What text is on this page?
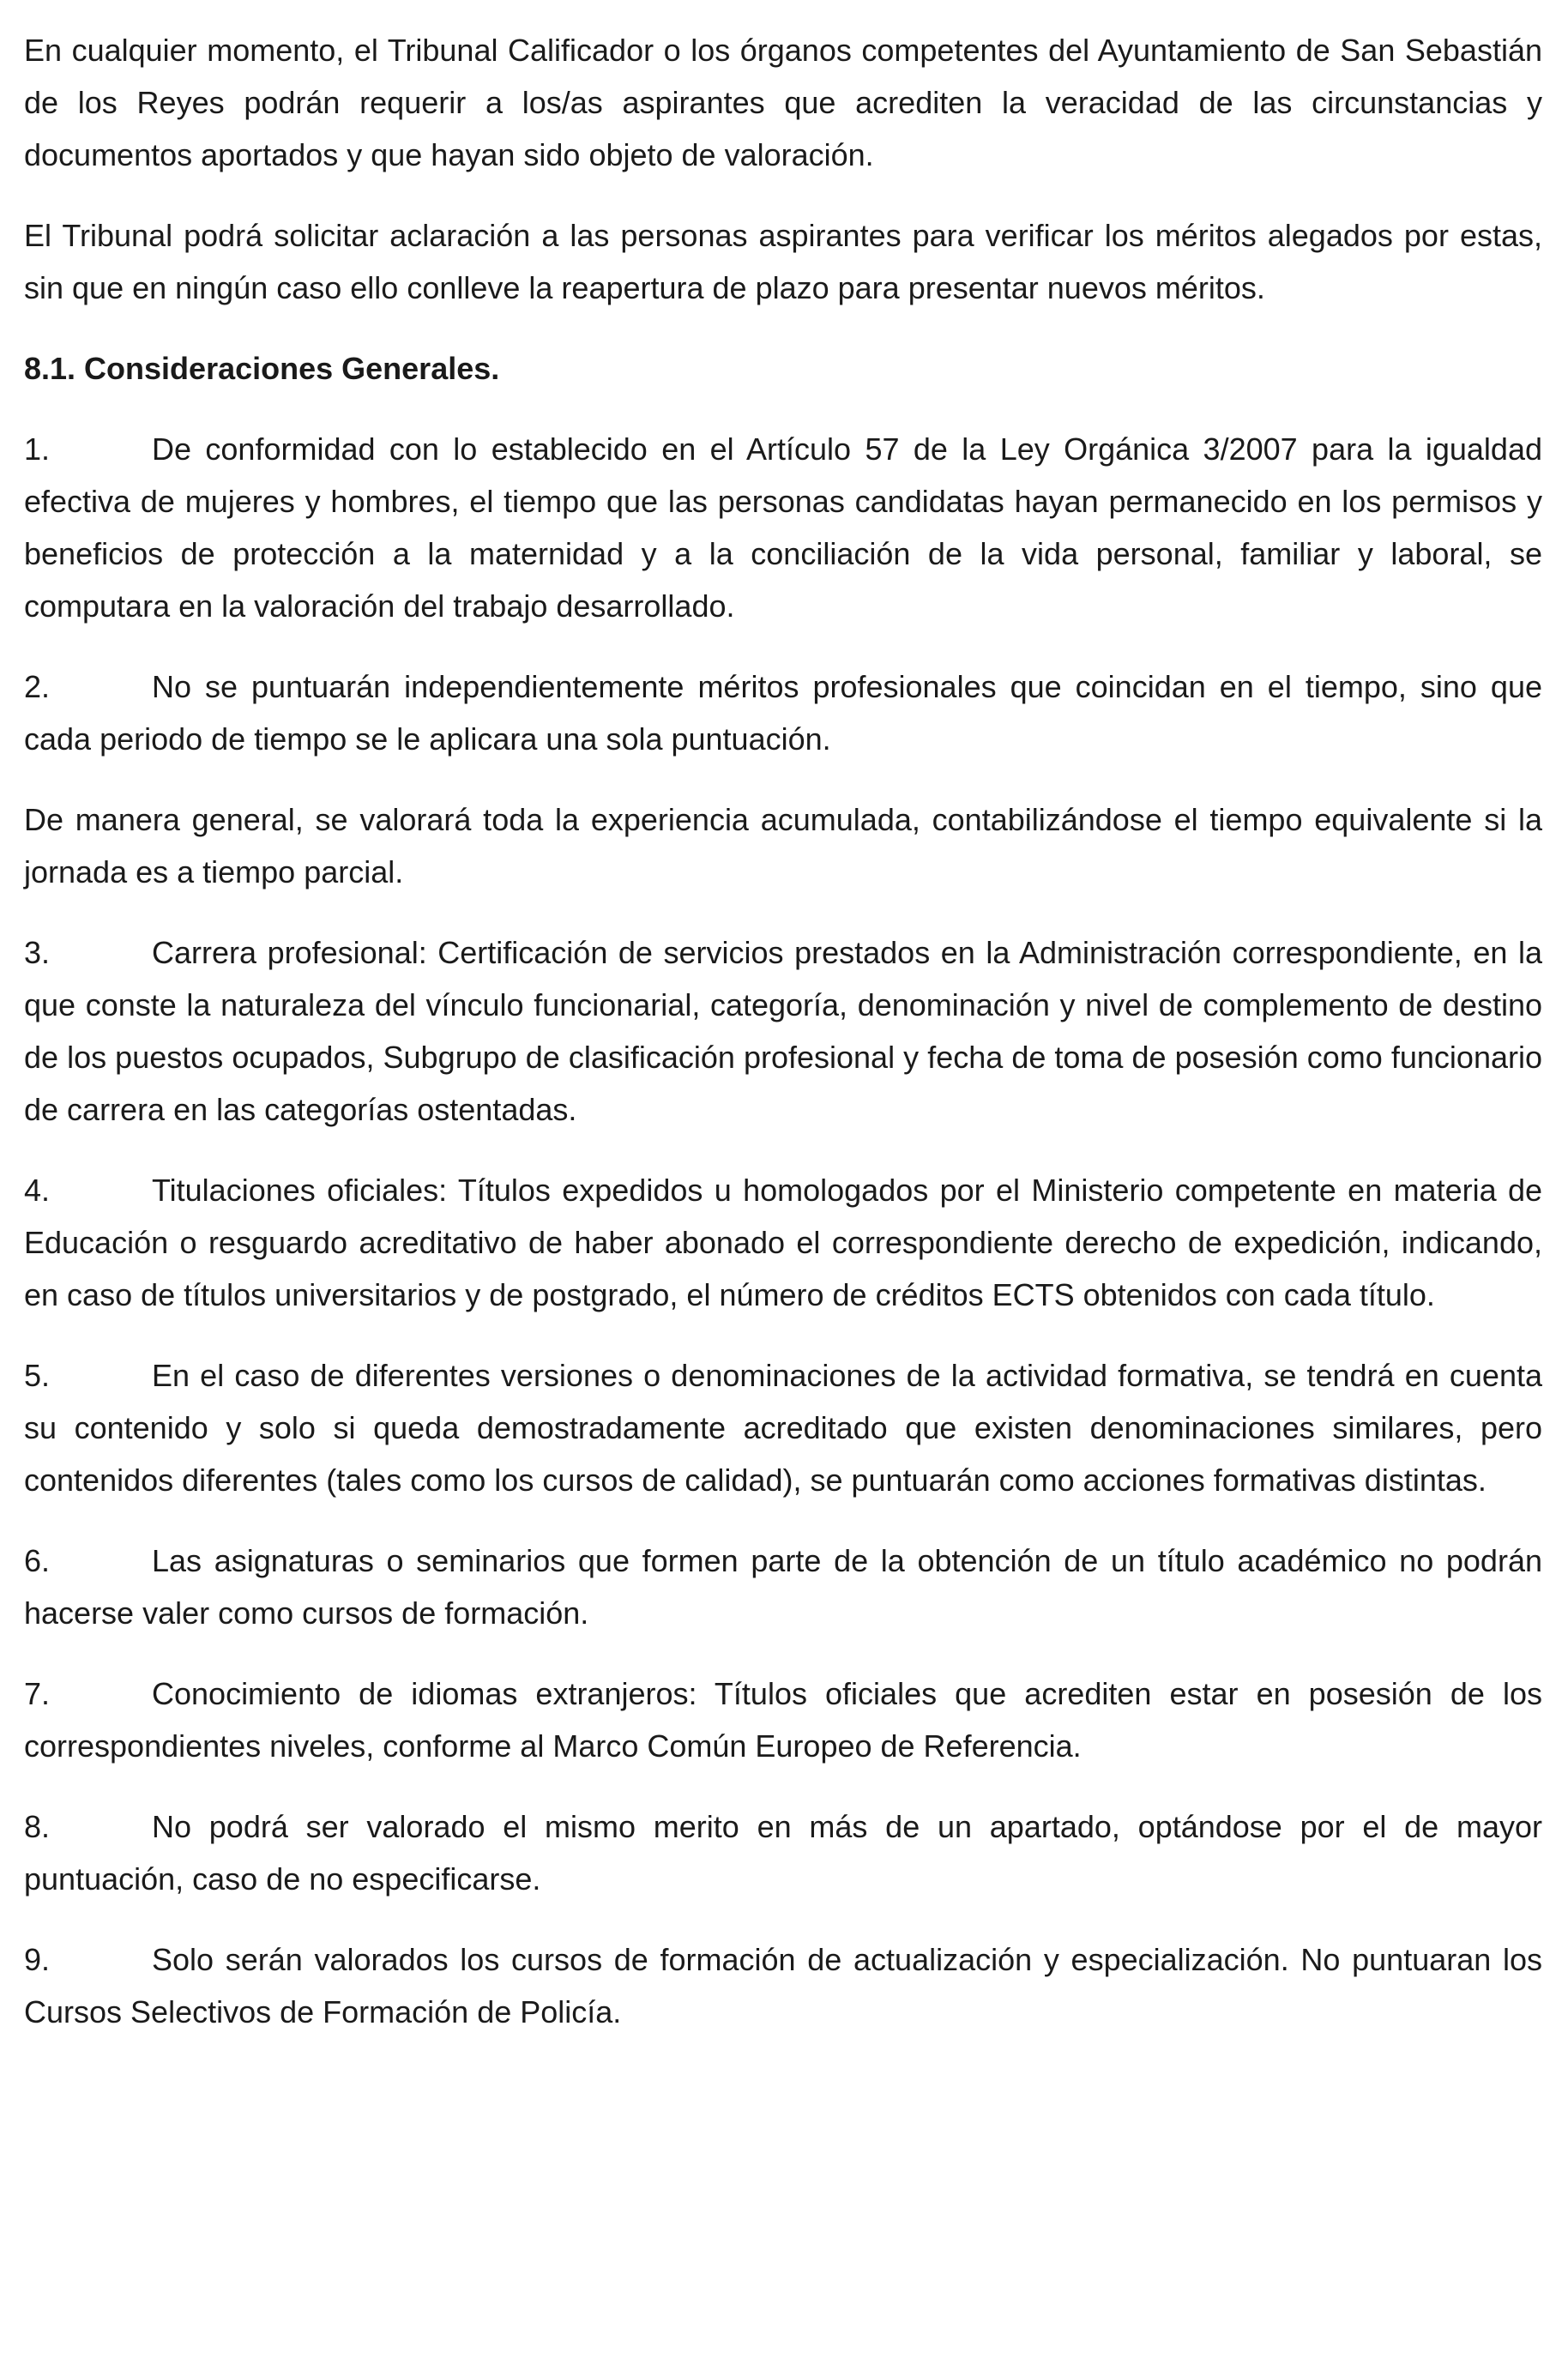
En cualquier momento, el Tribunal Calificador o los órganos competentes del Ayuntamiento de San Sebastián de los Reyes podrán requerir a los/as aspirantes que acrediten la veracidad de las circunstancias y documentos aportados y que hayan sido objeto de valoración.

El Tribunal podrá solicitar aclaración a las personas aspirantes para verificar los méritos alegados por estas, sin que en ningún caso ello conlleve la reapertura de plazo para presentar nuevos méritos.

8.1. Consideraciones Generales.

1.	De conformidad con lo establecido en el Artículo 57 de la Ley Orgánica 3/2007 para la igualdad efectiva de mujeres y hombres, el tiempo que las personas candidatas hayan permanecido en los permisos y beneficios de protección a la maternidad y a la conciliación de la vida personal, familiar y laboral, se computara en la valoración del trabajo desarrollado.

2.	No se puntuarán independientemente méritos profesionales que coincidan en el tiempo, sino que cada periodo de tiempo se le aplicara una sola puntuación.

De manera general, se valorará toda la experiencia acumulada, contabilizándose el tiempo equivalente si la jornada es a tiempo parcial.

3.	Carrera profesional: Certificación de servicios prestados en la Administración correspondiente, en la que conste la naturaleza del vínculo funcionarial, categoría, denominación y nivel de complemento de destino de los puestos ocupados, Subgrupo de clasificación profesional y fecha de toma de posesión como funcionario de carrera en las categorías ostentadas.

4.	Titulaciones oficiales: Títulos expedidos u homologados por el Ministerio competente en materia de Educación o resguardo acreditativo de haber abonado el correspondiente derecho de expedición, indicando, en caso de títulos universitarios y de postgrado, el número de créditos ECTS obtenidos con cada título.

5.	En el caso de diferentes versiones o denominaciones de la actividad formativa, se tendrá en cuenta su contenido y solo si queda demostradamente acreditado que existen denominaciones similares, pero contenidos diferentes (tales como los cursos de calidad), se puntuarán como acciones formativas distintas.

6.	Las asignaturas o seminarios que formen parte de la obtención de un título académico no podrán hacerse valer como cursos de formación.

7.	Conocimiento de idiomas extranjeros: Títulos oficiales que acrediten estar en posesión de los correspondientes niveles, conforme al Marco Común Europeo de Referencia.

8.	No podrá ser valorado el mismo merito en más de un apartado, optándose por el de mayor puntuación, caso de no especificarse.

9.	Solo serán valorados los cursos de formación de actualización y especialización. No puntuaran los Cursos Selectivos de Formación de Policía.
